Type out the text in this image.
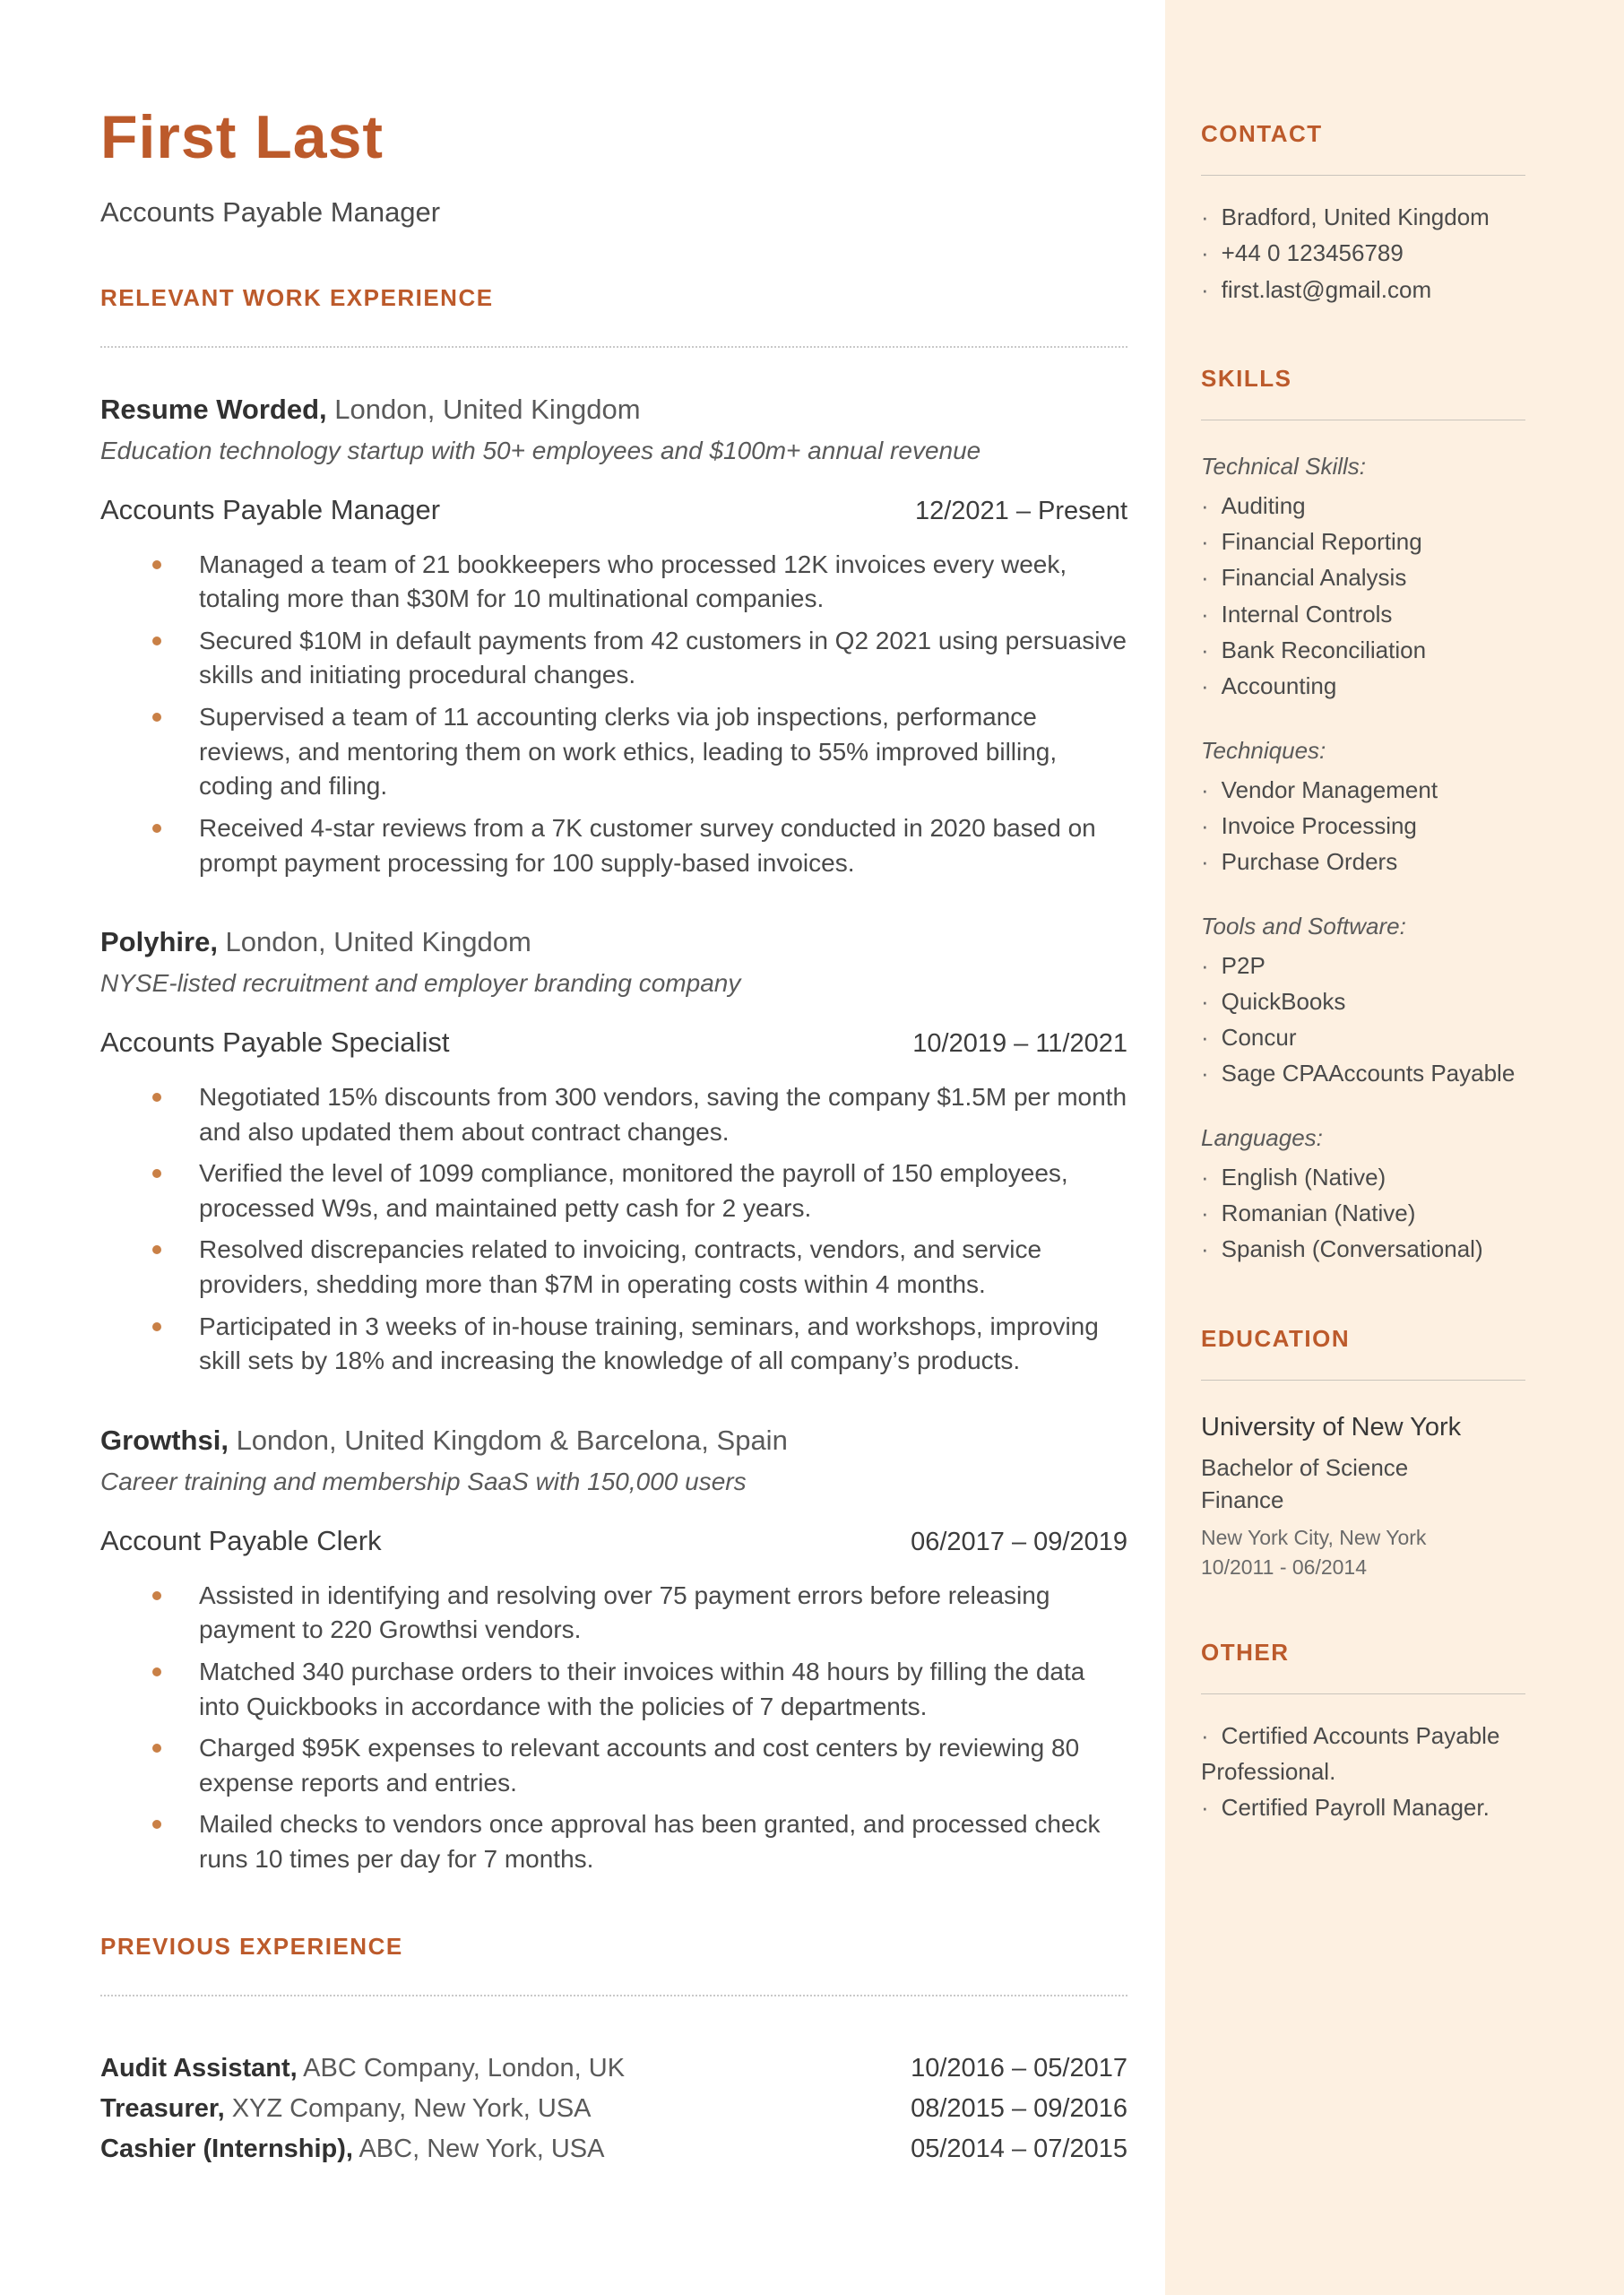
First Last
Accounts Payable Manager
RELEVANT WORK EXPERIENCE
Resume Worded, London, United Kingdom
Education technology startup with 50+ employees and $100m+ annual revenue
Accounts Payable Manager	12/2021 – Present
Managed a team of 21 bookkeepers who processed 12K invoices every week, totaling more than $30M for 10 multinational companies.
Secured $10M in default payments from 42 customers in Q2 2021 using persuasive skills and initiating procedural changes.
Supervised a team of 11 accounting clerks via job inspections, performance reviews, and mentoring them on work ethics, leading to 55% improved billing, coding and filing.
Received 4-star reviews from a 7K customer survey conducted in 2020 based on prompt payment processing for 100 supply-based invoices.
Polyhire, London, United Kingdom
NYSE-listed recruitment and employer branding company
Accounts Payable Specialist	10/2019 – 11/2021
Negotiated 15% discounts from 300 vendors, saving the company $1.5M per month and also updated them about contract changes.
Verified the level of 1099 compliance, monitored the payroll of 150 employees, processed W9s, and maintained petty cash for 2 years.
Resolved discrepancies related to invoicing, contracts, vendors, and service providers, shedding more than $7M in operating costs within 4 months.
Participated in 3 weeks of in-house training, seminars, and workshops, improving skill sets by 18% and increasing the knowledge of all company’s products.
Growthsi, London, United Kingdom & Barcelona, Spain
Career training and membership SaaS with 150,000 users
Account Payable Clerk	06/2017 – 09/2019
Assisted in identifying and resolving over 75 payment errors before releasing payment to 220 Growthsi vendors.
Matched 340 purchase orders to their invoices within 48 hours by filling the data into Quickbooks in accordance with the policies of 7 departments.
Charged $95K expenses to relevant accounts and cost centers by reviewing 80 expense reports and entries.
Mailed checks to vendors once approval has been granted, and processed check runs 10 times per day for 7 months.
PREVIOUS EXPERIENCE
Audit Assistant, ABC Company, London, UK	10/2016 – 05/2017
Treasurer, XYZ Company, New York, USA	08/2015 – 09/2016
Cashier (Internship), ABC, New York, USA	05/2014 – 07/2015
CONTACT
· Bradford, United Kingdom
· +44 0 123456789
· first.last@gmail.com
SKILLS
Technical Skills:
· Auditing
· Financial Reporting
· Financial Analysis
· Internal Controls
· Bank Reconciliation
· Accounting
Techniques:
· Vendor Management
· Invoice Processing
· Purchase Orders
Tools and Software:
· P2P
· QuickBooks
· Concur
· Sage CPAAccounts Payable
Languages:
· English (Native)
· Romanian (Native)
· Spanish (Conversational)
EDUCATION
University of New York
Bachelor of Science
Finance
New York City, New York
10/2011 - 06/2014
OTHER
· Certified Accounts Payable Professional.
· Certified Payroll Manager.
